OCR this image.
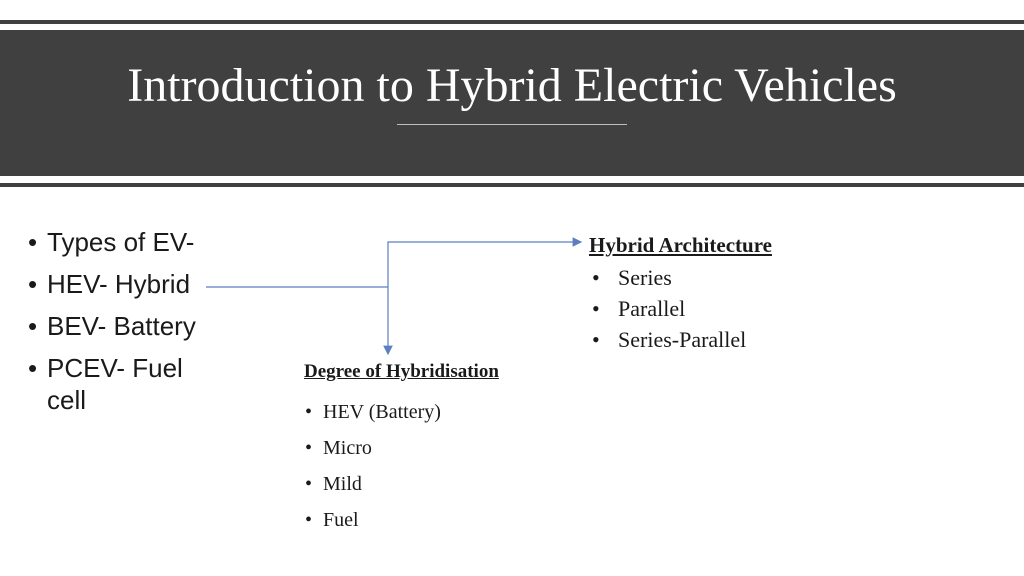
Introduction to Hybrid Electric Vehicles
• Types of EV-
• HEV- Hybrid
• BEV- Battery
• PCEV- Fuel cell
Hybrid Architecture
• Series
• Parallel
• Series-Parallel
Degree of Hybridisation
• HEV (Battery)
• Micro
• Mild
• Fuel
